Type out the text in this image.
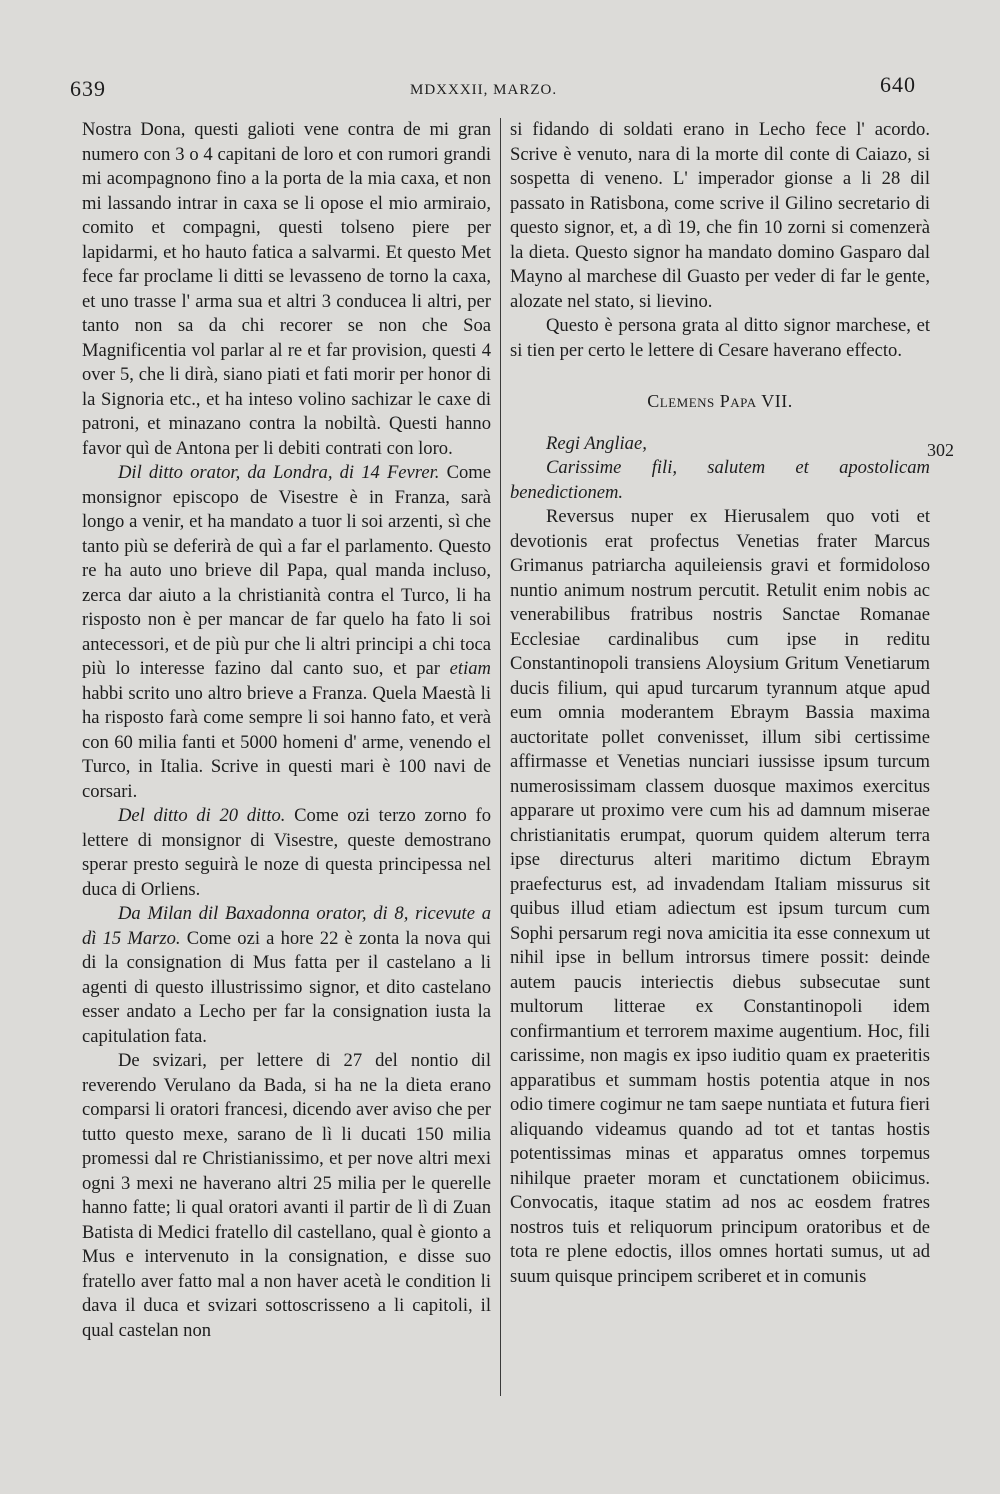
639	MDXXXII, MARZO.	640

Nostra Dona, questi galioti vene contra de mi gran numero con 3 o 4 capitani de loro et con rumori grandi mi acompagnono fino a la porta de la mia caxa, et non mi lassando intrar in caxa se li opose el mio armiraio, comito et compagni, questi tolseno piere per lapidarmi, et ho hauto fatica a salvarmi. Et questo Met fece far proclame li ditti se levasseno de torno la caxa, et uno trasse l' arma sua et altri 3 conducea li altri, per tanto non sa da chi recorer se non che Soa Magnificentia vol parlar al re et far provision, questi 4 over 5, che li dirà, siano piati et fati morir per honor di la Signoria etc., et ha inteso volino sachizar le caxe di patroni, et minazano contra la nobiltà. Questi hanno favor quì de Antona per li debiti contrati con loro.

Dil ditto orator, da Londra, di 14 Fevrer. Come monsignor episcopo de Visestre è in Franza, sarà longo a venir, et ha mandato a tuor li soi arzenti, sì che tanto più se deferirà de quì a far el parlamento. Questo re ha auto uno brieve dil Papa, qual manda incluso, zerca dar aiuto a la christianità contra el Turco, li ha risposto non è per mancar de far quelo ha fato li soi antecessori, et de più pur che li altri principi a chi toca più lo interesse fazino dal canto suo, et par etiam habbi scrito uno altro brieve a Franza. Quela Maestà li ha risposto farà come sempre li soi hanno fato, et verà con 60 milia fanti et 5000 homeni d' arme, venendo el Turco, in Italia. Scrive in questi mari è 100 navi de corsari.

Del ditto di 20 ditto. Come ozi terzo zorno fo lettere di monsignor di Visestre, queste demostrano sperar presto seguirà le noze di questa principessa nel duca di Orliens.

Da Milan dil Baxadonna orator, di 8, ricevute a dì 15 Marzo. Come ozi a hore 22 è zonta la nova qui di la consignation di Mus fatta per il castelano a li agenti di questo illustrissimo signor, et dito castelano esser andato a Lecho per far la consignation iusta la capitulation fata.

De svizari, per lettere di 27 del nontio dil reverendo Verulano da Bada, si ha ne la dieta erano comparsi li oratori francesi, dicendo aver aviso che per tutto questo mexe, sarano de lì li ducati 150 milia promessi dal re Christianissimo, et per nove altri mexi ogni 3 mexi ne haverano altri 25 milia per le querelle hanno fatte; li qual oratori avanti il partir de lì di Zuan Batista di Medici fratello dil castellano, qual è gionto a Mus e intervenuto in la consignation, e disse suo fratello aver fatto mal a non haver acetà le condition li dava il duca et svizari sottoscrisseno a li capitoli, il qual castelan non

si fidando di soldati erano in Lecho fece l' acordo. Scrive è venuto, nara di la morte dil conte di Caiazo, si sospetta di veneno. L' imperador gionse a li 28 dil passato in Ratisbona, come scrive il Gilino secretario di questo signor, et, a dì 19, che fin 10 zorni si comenzerà la dieta. Questo signor ha mandato domino Gasparo dal Mayno al marchese dil Guasto per veder di far le gente, alozate nel stato, si lievino.

Questo è persona grata al ditto signor marchese, et si tien per certo le lettere di Cesare haverano effecto.

Clemens Papa VII.

Regi Angliae,

Carissime fili, salutem et apostolicam benedictionem.

Reversus nuper ex Hierusalem quo voti et devotionis erat profectus Venetias frater Marcus Grimanus patriarcha aquileiensis gravi et formidoloso nuntio animum nostrum percutit. Retulit enim nobis ac venerabilibus fratribus nostris Sanctae Romanae Ecclesiae cardinalibus cum ipse in reditu Constantinopoli transiens Aloysium Gritum Venetiarum ducis filium, qui apud turcarum tyrannum atque apud eum omnia moderantem Ebraym Bassia maxima auctoritate pollet convenisset, illum sibi certissime affirmasse et Venetias nunciari iussisse ipsum turcum numerosissimam classem duosque maximos exercitus apparare ut proximo vere cum his ad damnum miserae christianitatis erumpat, quorum quidem alterum terra ipse directurus alteri maritimo dictum Ebraym praefecturus est, ad invadendam Italiam missurus sit quibus illud etiam adiectum est ipsum turcum cum Sophi persarum regi nova amicitia ita esse connexum ut nihil ipse in bellum introrsus timere possit: deinde autem paucis interiectis diebus subsecutae sunt multorum litterae ex Constantinopoli idem confirmantium et terrorem maxime augentium. Hoc, fili carissime, non magis ex ipso iuditio quam ex praeteritis apparatibus et summam hostis potentia atque in nos odio timere cogimur ne tam saepe nuntiata et futura fieri aliquando videamus quando ad tot et tantas hostis potentissimas minas et apparatus omnes torpemus nihilque praeter moram et cunctationem obiicimus. Convocatis, itaque statim ad nos ac eosdem fratres nostros tuis et reliquorum principum oratoribus et de tota re plene edoctis, illos omnes hortati sumus, ut ad suum quisque principem scriberet et in comunis

302
